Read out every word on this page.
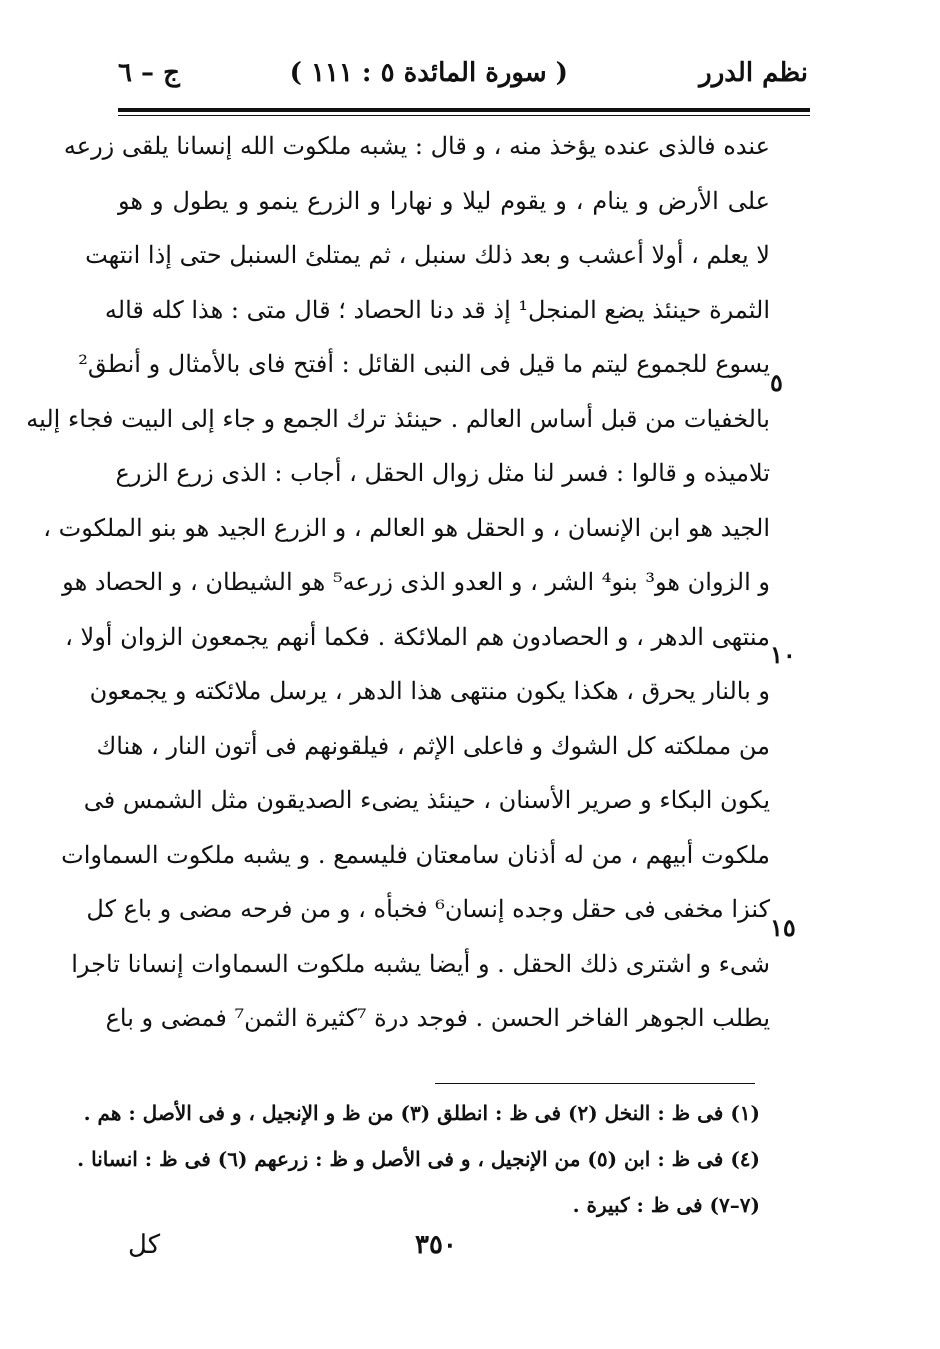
نظم الدرر
( سورة المائدة ٥ : ١١١ )
ج – ٦
٥
١٠
١٥
عنده فالذى عنده يؤخذ منه ، و قال : يشبه ملكوت الله إنسانا يلقى زرعه
على الأرض و ينام ، و يقوم ليلا و نهارا و الزرع ينمو و يطول و هو
لا يعلم ، أولا أعشب و بعد ذلك سنبل ، ثم يمتلئ السنبل حتى إذا انتهت
الثمرة حينئذ يضع المنجل¹ إذ قد دنا الحصاد ؛ قال متى : هذا كله قاله
يسوع للجموع ليتم ما قيل فى النبى القائل : أفتح فاى بالأمثال و أنطق²
بالخفيات من قبل أساس العالم . حينئذ ترك الجمع و جاء إلى البيت فجاء إليه
تلاميذه و قالوا : فسر لنا مثل زوال الحقل ، أجاب : الذى زرع الزرع
الجيد هو ابن الإنسان ، و الحقل هو العالم ، و الزرع الجيد هو بنو الملكوت ،
و الزوان هو³ بنو⁴ الشر ، و العدو الذى زرعه⁵ هو الشيطان ، و الحصاد هو
منتهى الدهر ، و الحصادون هم الملائكة . فكما أنهم يجمعون الزوان أولا ،
و بالنار يحرق ، هكذا يكون منتهى هذا الدهر ، يرسل ملائكته و يجمعون
من مملكته كل الشوك و فاعلى الإثم ، فيلقونهم فى أتون النار ، هناك
يكون البكاء و صرير الأسنان ، حينئذ يضىء الصديقون مثل الشمس فى
ملكوت أبيهم ، من له أذنان سامعتان فليسمع . و يشبه ملكوت السماوات
كنزا مخفى فى حقل وجده إنسان⁶ فخبأه ، و من فرحه مضى و باع كل
شىء و اشترى ذلك الحقل . و أيضا يشبه ملكوت السماوات إنسانا تاجرا
يطلب الجوهر الفاخر الحسن . فوجد درة ⁷كثيرة الثمن⁷ فمضى و باع
(١) فى ظ : النخل (٢) فى ظ : انطلق (٣) من ظ و الإنجيل ، و فى الأصل : هم .
(٤) فى ظ : ابن (٥) من الإنجيل ، و فى الأصل و ظ : زرعهم (٦) فى ظ : انسانا .
(٧–٧) فى ظ : كبيرة .
٣٥٠
كل
